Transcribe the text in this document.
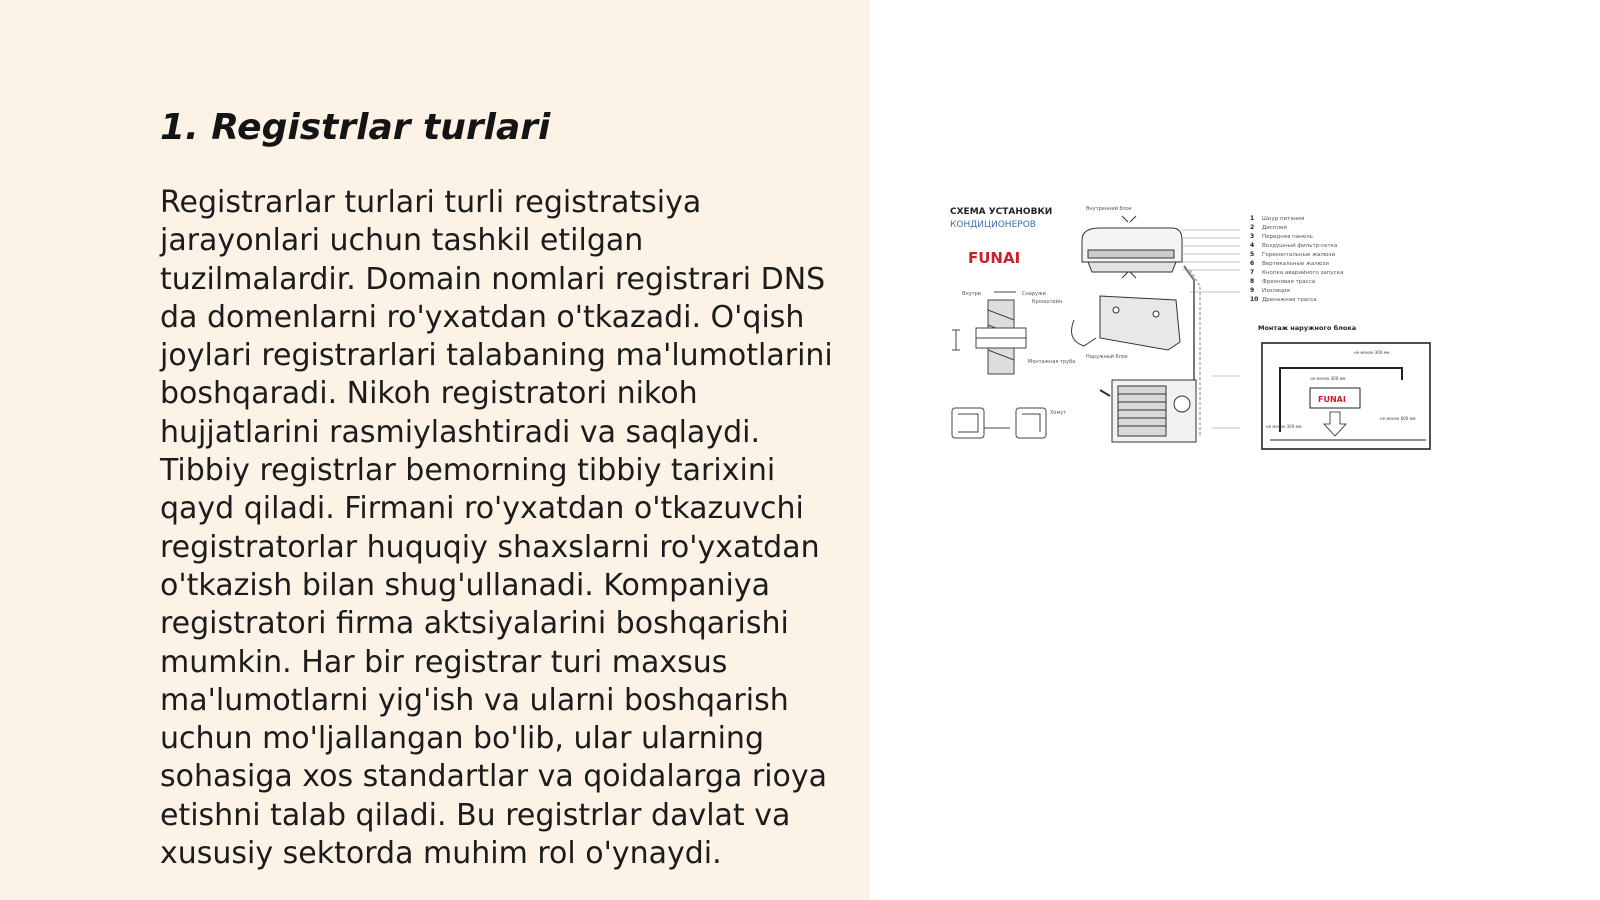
1. Registrlar turlari

Registrarlar turlari turli registratsiya jarayonlari uchun tashkil etilgan tuzilmalardir. Domain nomlari registrari DNS da domenlarni ro'yxatdan o'tkazadi. O'qish joylari registrarlari talabaning ma'lumotlarini boshqaradi. Nikoh registratori nikoh hujjatlarini rasmiylashtiradi va saqlaydi. Tibbiy registrlar bemorning tibbiy tarixini qayd qiladi. Firmani ro'yxatdan o'tkazuvchi registratorlar huquqiy shaxslarni ro'yxatdan o'tkazish bilan shug'ullanadi. Kompaniya registratori firma aktsiyalarini boshqarishi mumkin. Har bir registrar turi maxsus ma'lumotlarni yig'ish va ularni boshqarish uchun mo'ljallangan bo'lib, ular ularning sohasiga xos standartlar va qoidalarga rioya etishni talab qiladi. Bu registrlar davlat va xususiy sektorda muhim rol o'ynaydi.

СХЕМА УСТАНОВКИ
КОНДИЦИОНЕРОВ
FUNAI
Внутри	Снаружи
Кронштейн
Монтажная труба
Хомут
Внутренний блок
Наружный блок
1 Шнур питания
2 Дисплей
3 Передняя панель
4 Воздушный фильтр-сетка
5 Горизонтальные жалюзи
6 Вертикальные жалюзи
7 Кнопка аварийного запуска
8 Фреоновая трасса
9 Изоляция
10 Дренажная трасса
Монтаж наружного блока
FUNAI
не менее 300 мм
не менее 300 мм
не менее 300 мм
не менее 600 мм
